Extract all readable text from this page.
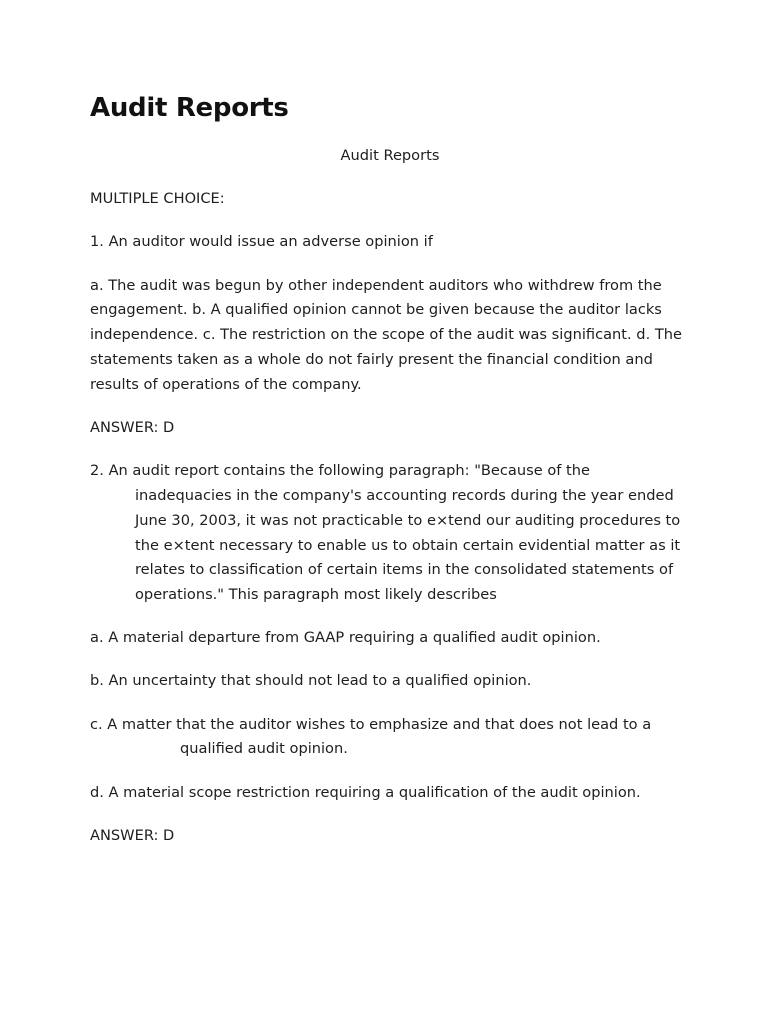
Audit Reports

Audit Reports

MULTIPLE CHOICE:

1. An auditor would issue an adverse opinion if

a. The audit was begun by other independent auditors who withdrew from the engagement. b. A qualified opinion cannot be given because the auditor lacks independence. c. The restriction on the scope of the audit was significant. d. The statements taken as a whole do not fairly present the financial condition and results of operations of the company.

ANSWER: D

2. An audit report contains the following paragraph: "Because of the inadequacies in the company's accounting records during the year ended June 30, 2003, it was not practicable to e×tend our auditing procedures to the e×tent necessary to enable us to obtain certain evidential matter as it relates to classification of certain items in the consolidated statements of operations." This paragraph most likely describes

a. A material departure from GAAP requiring a qualified audit opinion.

b. An uncertainty that should not lead to a qualified opinion.

c. A matter that the auditor wishes to emphasize and that does not lead to a qualified audit opinion.

d. A material scope restriction requiring a qualification of the audit opinion.

ANSWER: D
